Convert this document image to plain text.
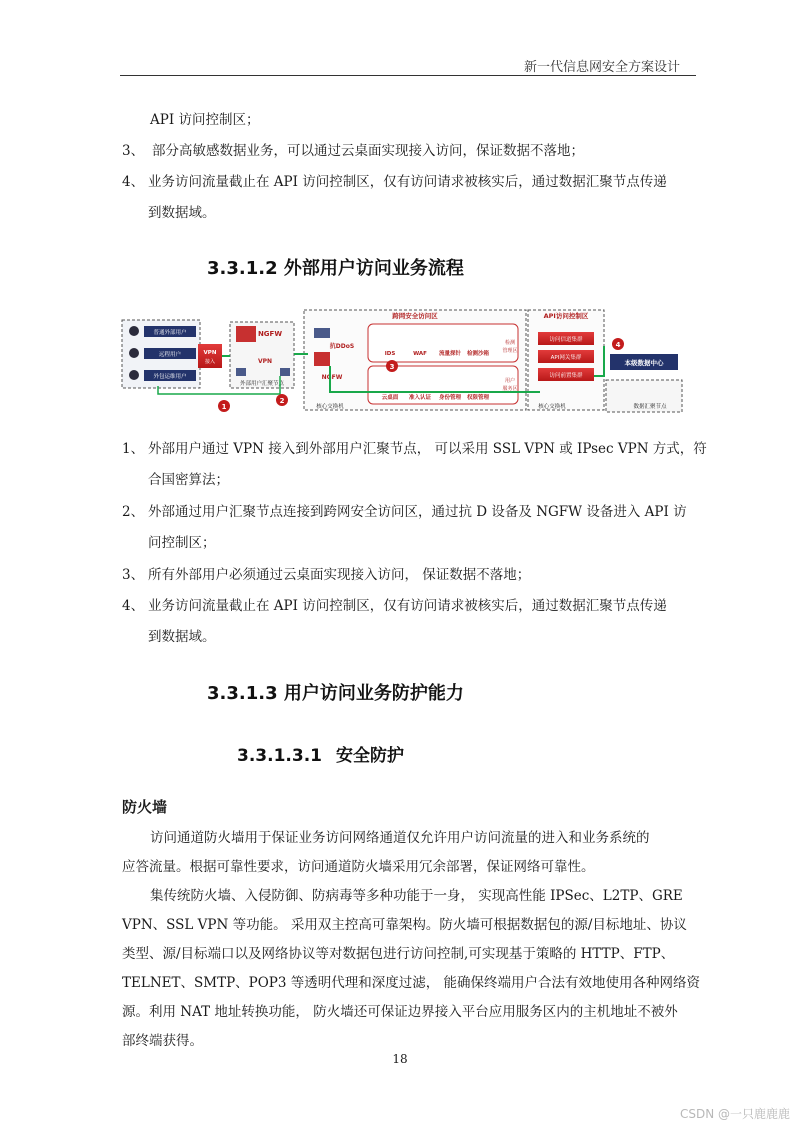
新一代信息网安全方案设计
API 访问控制区；
3、 部分高敏感数据业务，可以通过云桌面实现接入访问，保证数据不落地；
4、 业务访问流量截止在 API 访问控制区，仅有访问请求被核实后，通过数据汇聚节点传递
到数据域。
3.3.1.2 外部用户访问业务流程
普通外部用户
远程用户
外包运维用户
VPN
接入
NGFW
VPN
外部用户汇聚节点
跨网安全访问区
抗DDoS
NGFW
核心交换机
IDS	WAF 流量探针 检测沙箱
检测
管理区
云桌面 准入认证 身份管理 权限管理
用户
服务区
API访问控制区
访问信道集群
API网关集群
访问前置集群
核心交换机
本级数据中心
数据汇聚节点
1
2
3
4
1、 外部用户通过 VPN 接入到外部用户汇聚节点， 可以采用 SSL VPN 或 IPsec VPN 方式，符
合国密算法；
2、 外部通过用户汇聚节点连接到跨网安全访问区，通过抗 D 设备及 NGFW 设备进入 API 访
问控制区；
3、 所有外部用户必须通过云桌面实现接入访问， 保证数据不落地；
4、 业务访问流量截止在 API 访问控制区，仅有访问请求被核实后，通过数据汇聚节点传递
到数据域。
3.3.1.3 用户访问业务防护能力
3.3.1.3.1 安全防护
防火墙
访问通道防火墙用于保证业务访问网络通道仅允许用户访问流量的进入和业务系统的
应答流量。根据可靠性要求，访问通道防火墙采用冗余部署，保证网络可靠性。
集传统防火墙、入侵防御、防病毒等多种功能于一身， 实现高性能 IPSec、L2TP、GRE
VPN、SSL VPN 等功能。 采用双主控高可靠架构。防火墙可根据数据包的源/目标地址、协议
类型、源/目标端口以及网络协议等对数据包进行访问控制,可实现基于策略的 HTTP、FTP、
TELNET、SMTP、POP3 等透明代理和深度过滤， 能确保终端用户合法有效地使用各种网络资
源。利用 NAT 地址转换功能， 防火墙还可保证边界接入平台应用服务区内的主机地址不被外
部终端获得。
18
CSDN @一只鹿鹿鹿
